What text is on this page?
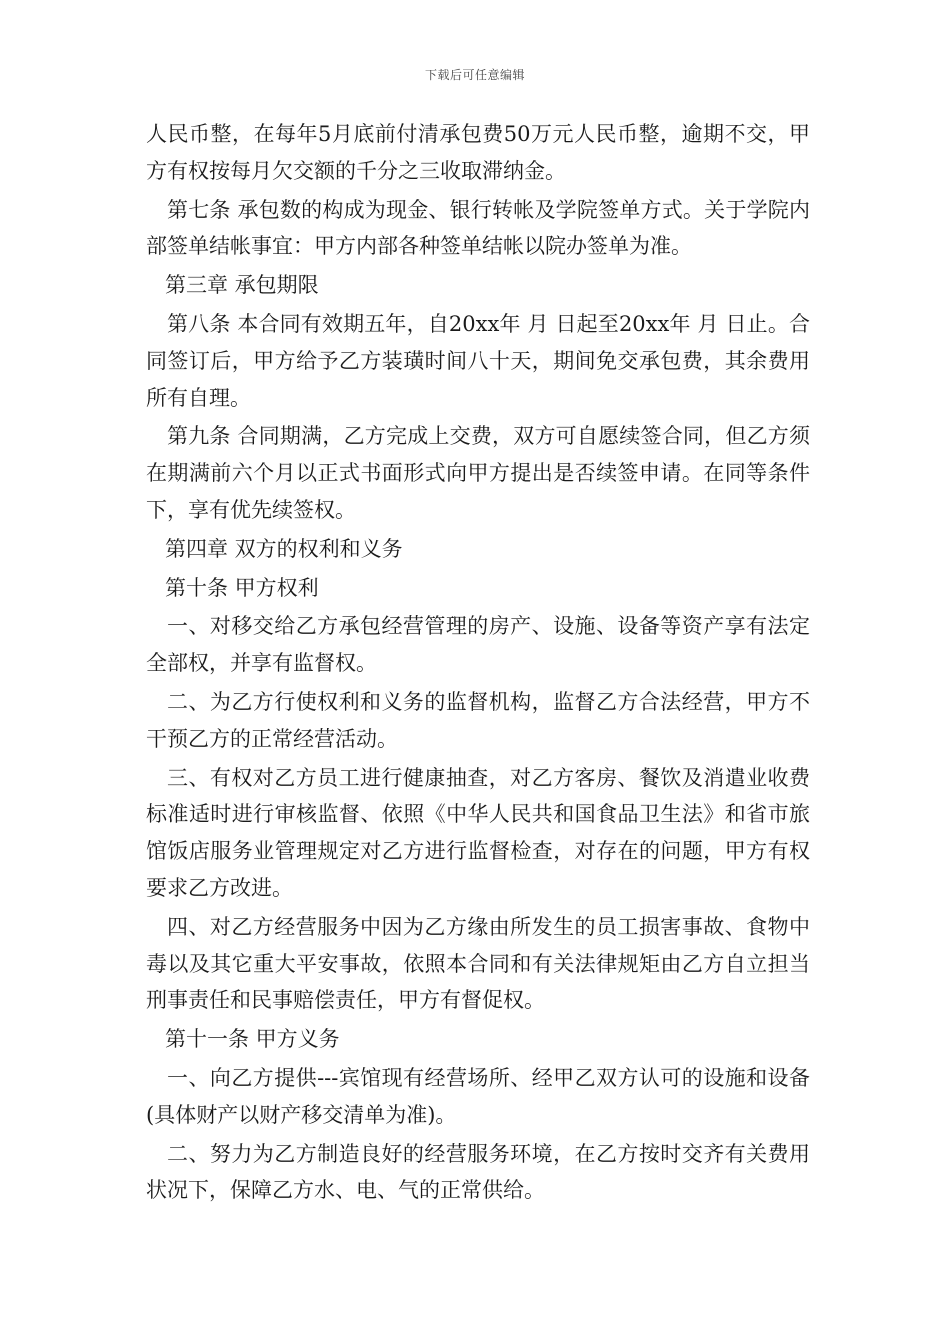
下载后可任意编辑

人民币整，在每年5月底前付清承包费50万元人民币整，逾期不交，甲方有权按每月欠交额的千分之三收取滞纳金。

第七条 承包数的构成为现金、银行转帐及学院签单方式。关于学院内部签单结帐事宜：甲方内部各种签单结帐以院办签单为准。

第三章 承包期限

第八条 本合同有效期五年，自20xx年 月 日起至20xx年 月 日止。合同签订后，甲方给予乙方装璜时间八十天，期间免交承包费，其余费用所有自理。

第九条 合同期满，乙方完成上交费，双方可自愿续签合同，但乙方须在期满前六个月以正式书面形式向甲方提出是否续签申请。在同等条件下，享有优先续签权。

第四章 双方的权利和义务

第十条 甲方权利

一、对移交给乙方承包经营管理的房产、设施、设备等资产享有法定全部权，并享有监督权。

二、为乙方行使权利和义务的监督机构，监督乙方合法经营，甲方不干预乙方的正常经营活动。

三、有权对乙方员工进行健康抽查，对乙方客房、餐饮及消遣业收费标准适时进行审核监督、依照《中华人民共和国食品卫生法》和省市旅馆饭店服务业管理规定对乙方进行监督检查，对存在的问题，甲方有权要求乙方改进。

四、对乙方经营服务中因为乙方缘由所发生的员工损害事故、食物中毒以及其它重大平安事故，依照本合同和有关法律规矩由乙方自立担当刑事责任和民事赔偿责任，甲方有督促权。

第十一条 甲方义务

一、向乙方提供---宾馆现有经营场所、经甲乙双方认可的设施和设备(具体财产以财产移交清单为准)。

二、努力为乙方制造良好的经营服务环境，在乙方按时交齐有关费用状况下，保障乙方水、电、气的正常供给。
